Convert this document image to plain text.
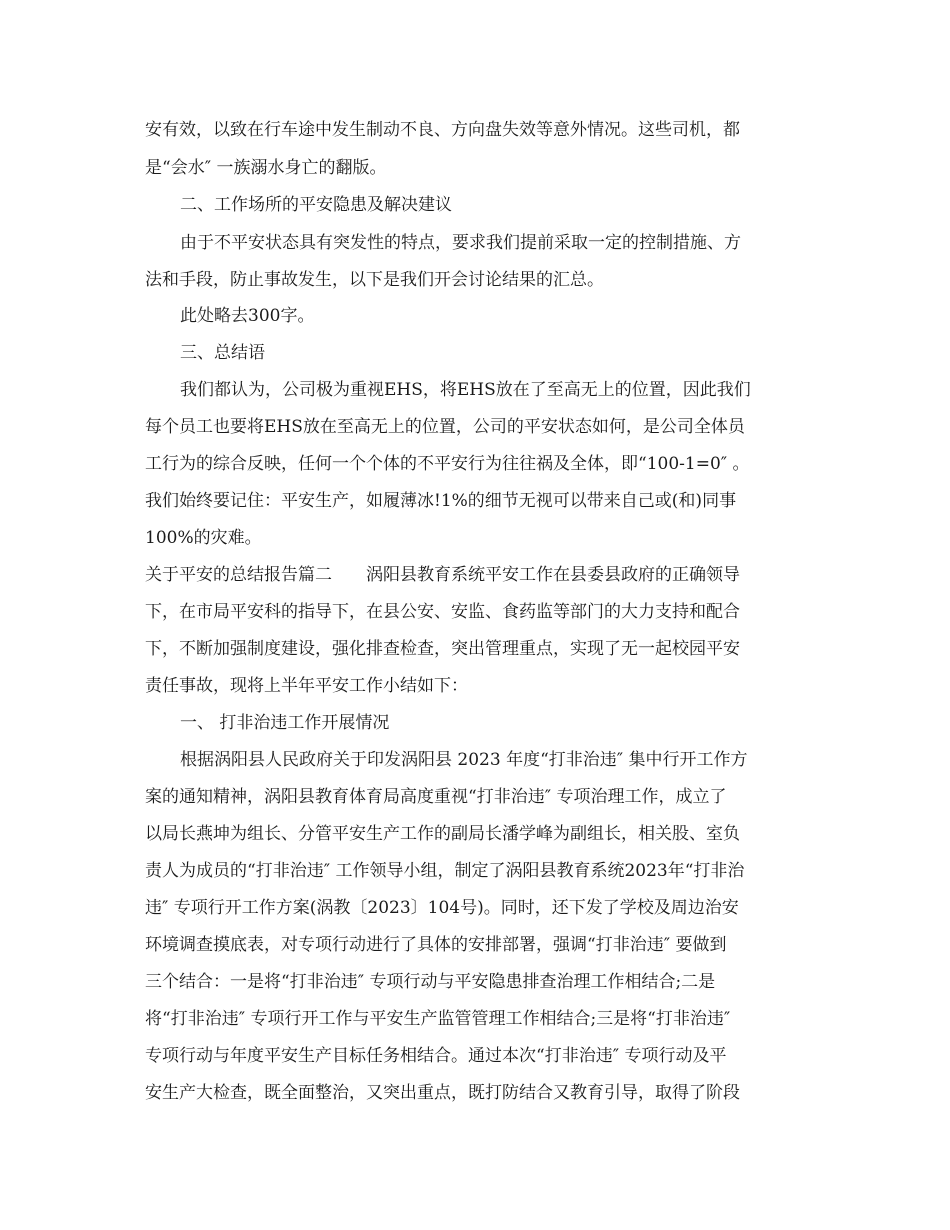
安有效，以致在行车途中发生制动不良、方向盘失效等意外情况。这些司机，都

是“会水″ 一族溺水身亡的翻版。

二、工作场所的平安隐患及解决建议

由于不平安状态具有突发性的特点，要求我们提前采取一定的控制措施、方

法和手段，防止事故发生，以下是我们开会讨论结果的汇总。

此处略去300字。

三、总结语

我们都认为，公司极为重视EHS，将EHS放在了至高无上的位置，因此我们

每个员工也要将EHS放在至高无上的位置，公司的平安状态如何，是公司全体员

工行为的综合反映，任何一个个体的不平安行为往往祸及全体，即“100-1=0″ 。

我们始终要记住：平安生产，如履薄冰!1%的细节无视可以带来自己或(和)同事

100%的灾难。

关于平安的总结报告篇二　　涡阳县教育系统平安工作在县委县政府的正确领导

下，在市局平安科的指导下，在县公安、安监、食药监等部门的大力支持和配合

下，不断加强制度建设，强化排查检查，突出管理重点，实现了无一起校园平安

责任事故，现将上半年平安工作小结如下：

一、 打非治违工作开展情况

根据涡阳县人民政府关于印发涡阳县 2023 年度“打非治违″ 集中行开工作方

案的通知精神，涡阳县教育体育局高度重视“打非治违″ 专项治理工作，成立了

以局长燕坤为组长、分管平安生产工作的副局长潘学峰为副组长，相关股、室负

责人为成员的“打非治违″ 工作领导小组，制定了涡阳县教育系统2023年“打非治

违″ 专项行开工作方案(涡教〔2023〕104号)。同时，还下发了学校及周边治安

环境调查摸底表，对专项行动进行了具体的安排部署，强调“打非治违″ 要做到

三个结合：一是将“打非治违″ 专项行动与平安隐患排查治理工作相结合;二是

将“打非治违″ 专项行开工作与平安生产监管管理工作相结合;三是将“打非治违″

专项行动与年度平安生产目标任务相结合。通过本次“打非治违″ 专项行动及平

安生产大检查，既全面整治，又突出重点，既打防结合又教育引导，取得了阶段
